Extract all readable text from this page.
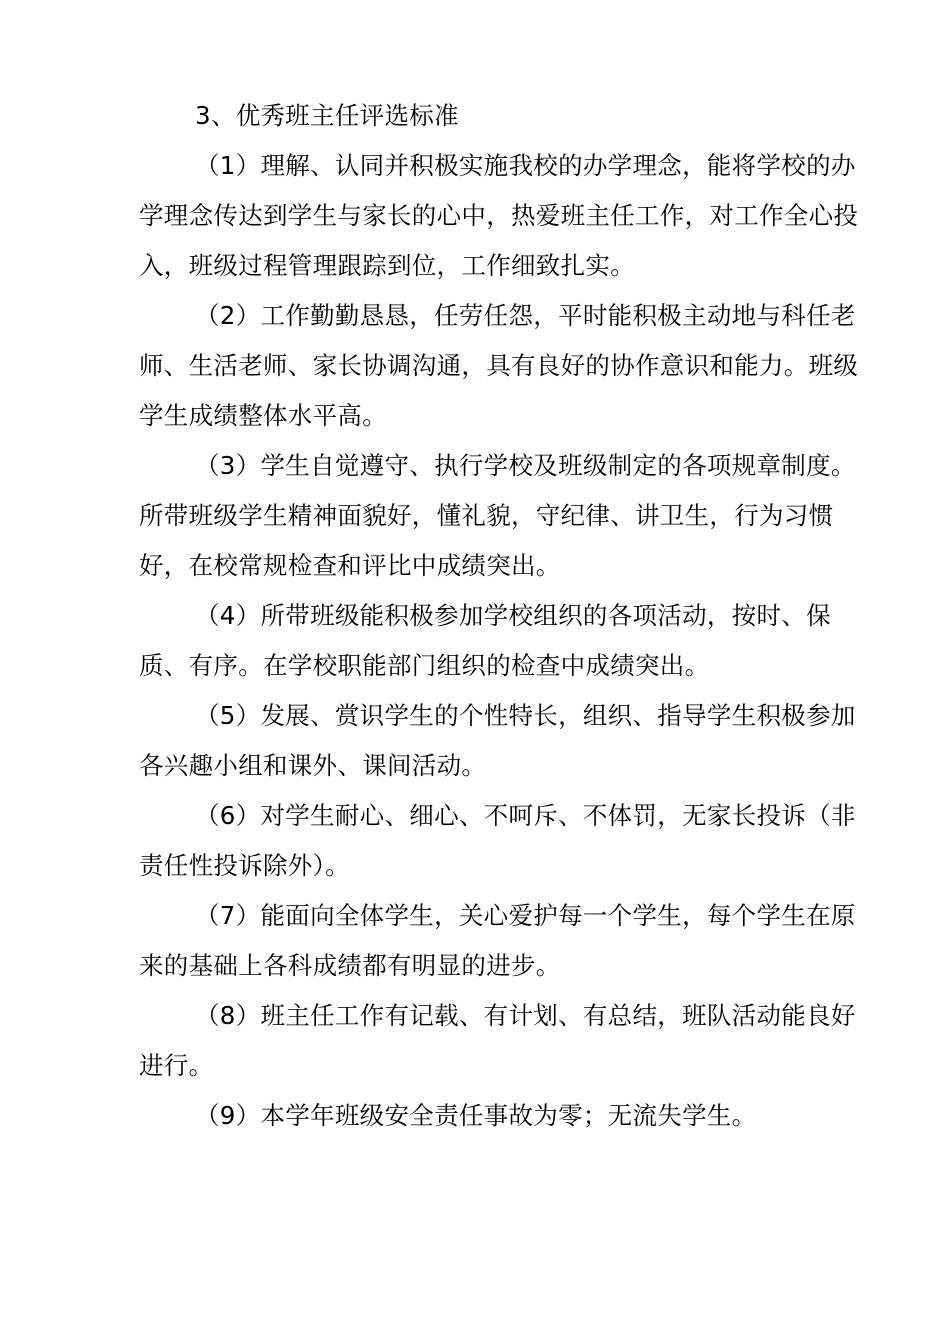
3、优秀班主任评选标准

（1）理解、认同并积极实施我校的办学理念，能将学校的办学理念传达到学生与家长的心中，热爱班主任工作，对工作全心投入，班级过程管理跟踪到位，工作细致扎实。

（2）工作勤勤恳恳，任劳任怨，平时能积极主动地与科任老师、生活老师、家长协调沟通，具有良好的协作意识和能力。班级学生成绩整体水平高。

（3）学生自觉遵守、执行学校及班级制定的各项规章制度。所带班级学生精神面貌好，懂礼貌，守纪律、讲卫生，行为习惯好，在校常规检查和评比中成绩突出。

（4）所带班级能积极参加学校组织的各项活动，按时、保质、有序。在学校职能部门组织的检查中成绩突出。

（5）发展、赏识学生的个性特长，组织、指导学生积极参加各兴趣小组和课外、课间活动。

（6）对学生耐心、细心、不呵斥、不体罚，无家长投诉（非责任性投诉除外）。

（7）能面向全体学生，关心爱护每一个学生，每个学生在原来的基础上各科成绩都有明显的进步。

（8）班主任工作有记载、有计划、有总结，班队活动能良好进行。

（9）本学年班级安全责任事故为零；无流失学生。
